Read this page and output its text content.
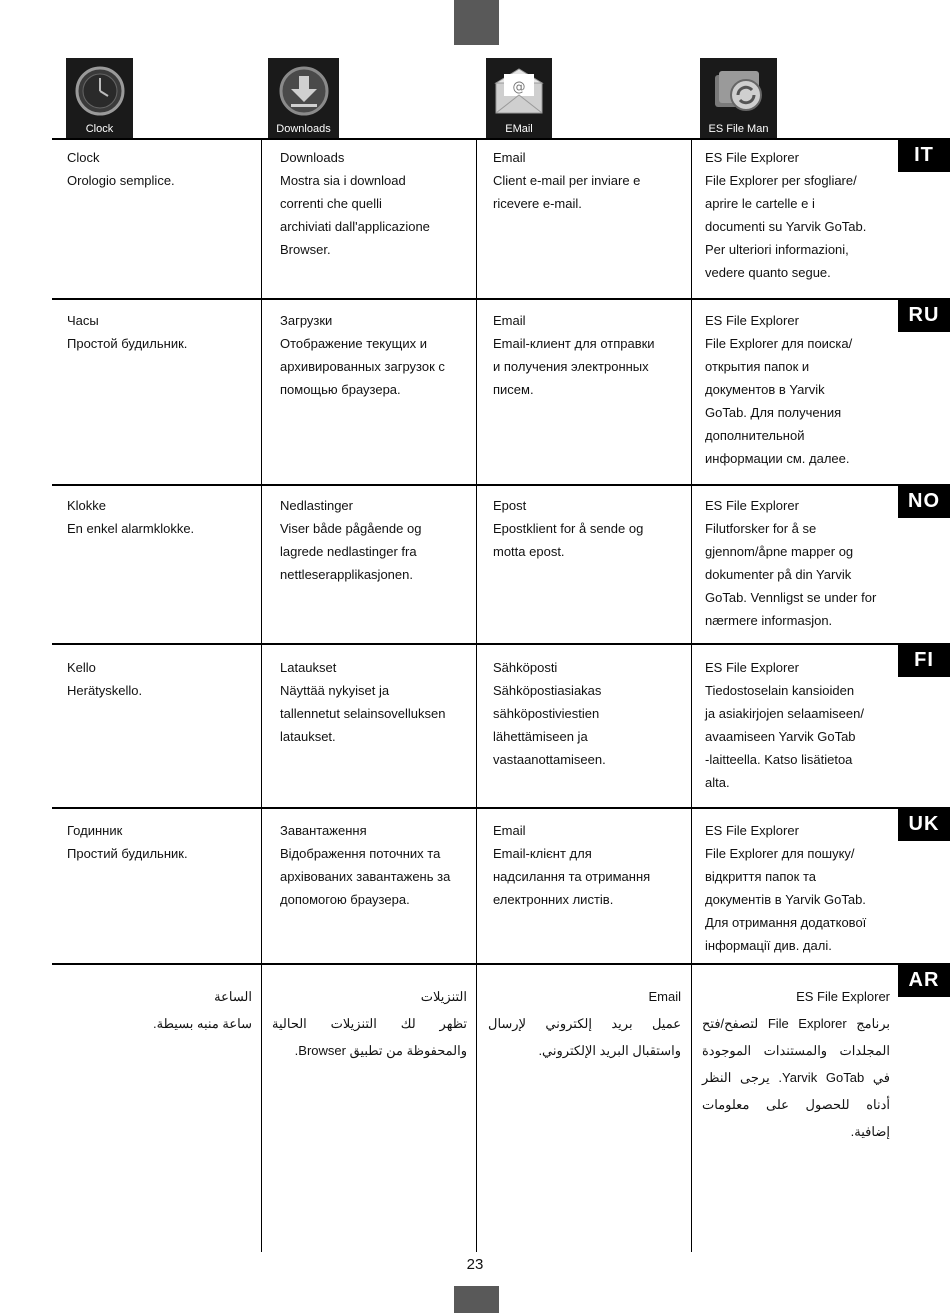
Clock	Downloads
@
EMail	ES File Man
IT
RU
NO
FI
UK
AR
Clock
Orologio semplice.
Downloads
Mostra sia i download
correnti che quelli
archiviati dall'applicazione
Browser.
Email
Client e-mail per inviare e
ricevere e-mail.
ES File Explorer
File Explorer per sfogliare/
aprire le cartelle e i
documenti su Yarvik GoTab.
Per ulteriori informazioni,
vedere quanto segue.
Часы
Простой будильник.
Загрузки
Отображение текущих и
архивированных загрузок с
помощью браузера.
Email
Email-клиент для отправки
и получения электронных
писем.
ES File Explorer
File Explorer для поиска/
открытия папок и
документов в Yarvik
GoTab. Для получения
дополнительной
информации см. далее.
Klokke
En enkel alarmklokke.
Nedlastinger
Viser både pågående og
lagrede nedlastinger fra
nettleserapplikasjonen.
Epost
Epostklient for å sende og
motta epost.
ES File Explorer
Filutforsker for å se
gjennom/åpne mapper og
dokumenter på din Yarvik
GoTab. Vennligst se under for
nærmere informasjon.
Kello
Herätyskello.
Lataukset
Näyttää nykyiset ja
tallennetut selainsovelluksen
lataukset.
Sähköposti
Sähköpostiasiakas
sähköpostiviestien
lähettämiseen ja
vastaanottamiseen.
ES File Explorer
Tiedostoselain kansioiden
ja asiakirjojen selaamiseen/
avaamiseen Yarvik GoTab
-laitteella. Katso lisätietoa
alta.
Годинник
Простий будильник.
Завантаження
Відображення поточних та
архівованих завантажень за
допомогою браузера.
Email
Email-клієнт для
надсилання та отримання
електронних листів.
ES File Explorer
File Explorer для пошуку/
відкриття папок та
документів в Yarvik GoTab.
Для отримання додаткової
інформації див. далі.
الساعة
ساعة منبه بسيطة.
التنزيلات
تظهر لك التنزيلات الحالية والمحفوظة من تطبيق Browser.
Email
عميل بريد إلكتروني لإرسال واستقبال البريد الإلكتروني.
ES File Explorer
برنامج File Explorer لتصفح/فتح المجلدات والمستندات الموجودة في Yarvik GoTab. يرجى النظر أدناه للحصول على معلومات إضافية.
23
